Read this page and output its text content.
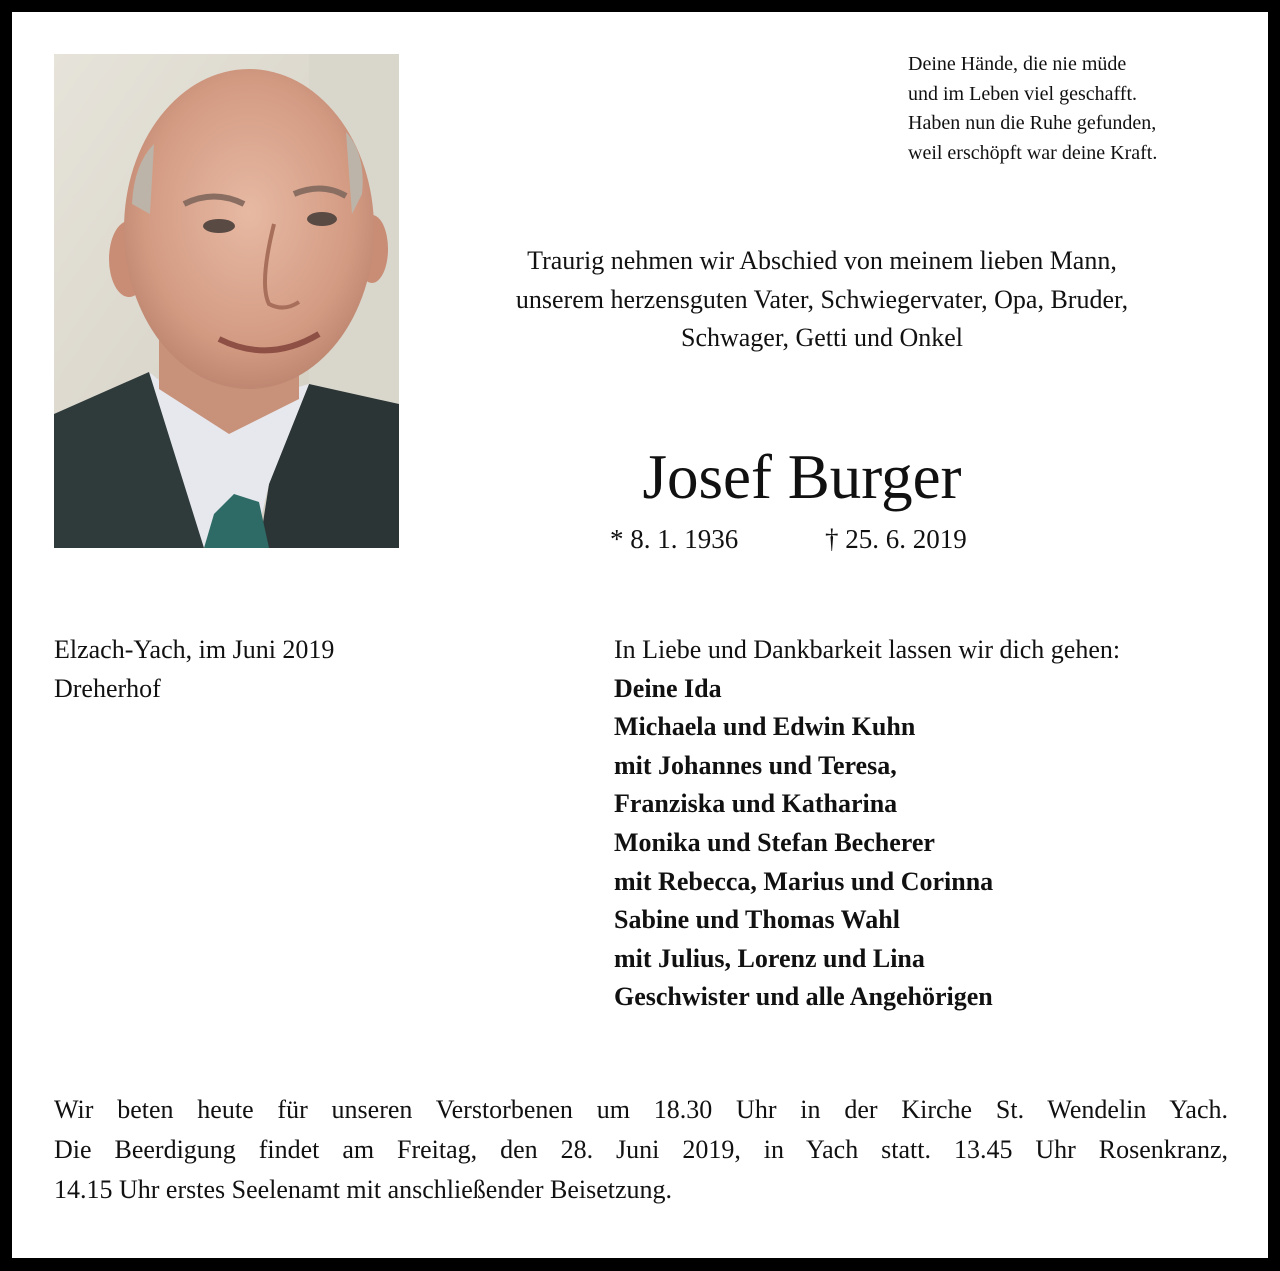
Deine Hände, die nie müde
und im Leben viel geschafft.
Haben nun die Ruhe gefunden,
weil erschöpft war deine Kraft.
Traurig nehmen wir Abschied von meinem lieben Mann,
unserem herzensguten Vater, Schwiegervater, Opa, Bruder,
Schwager, Getti und Onkel
Josef Burger
* 8. 1. 1936	† 25. 6. 2019
Elzach-Yach, im Juni 2019
Dreherhof
In Liebe und Dankbarkeit lassen wir dich gehen:
Deine Ida
Michaela und Edwin Kuhn
mit Johannes und Teresa,
Franziska und Katharina
Monika und Stefan Becherer
mit Rebecca, Marius und Corinna
Sabine und Thomas Wahl
mit Julius, Lorenz und Lina
Geschwister und alle Angehörigen
Wir beten heute für unseren Verstorbenen um 18.30 Uhr in der Kirche St. Wendelin Yach.
Die Beerdigung findet am Freitag, den 28. Juni 2019, in Yach statt. 13.45 Uhr Rosenkranz,
14.15 Uhr erstes Seelenamt mit anschließender Beisetzung.
